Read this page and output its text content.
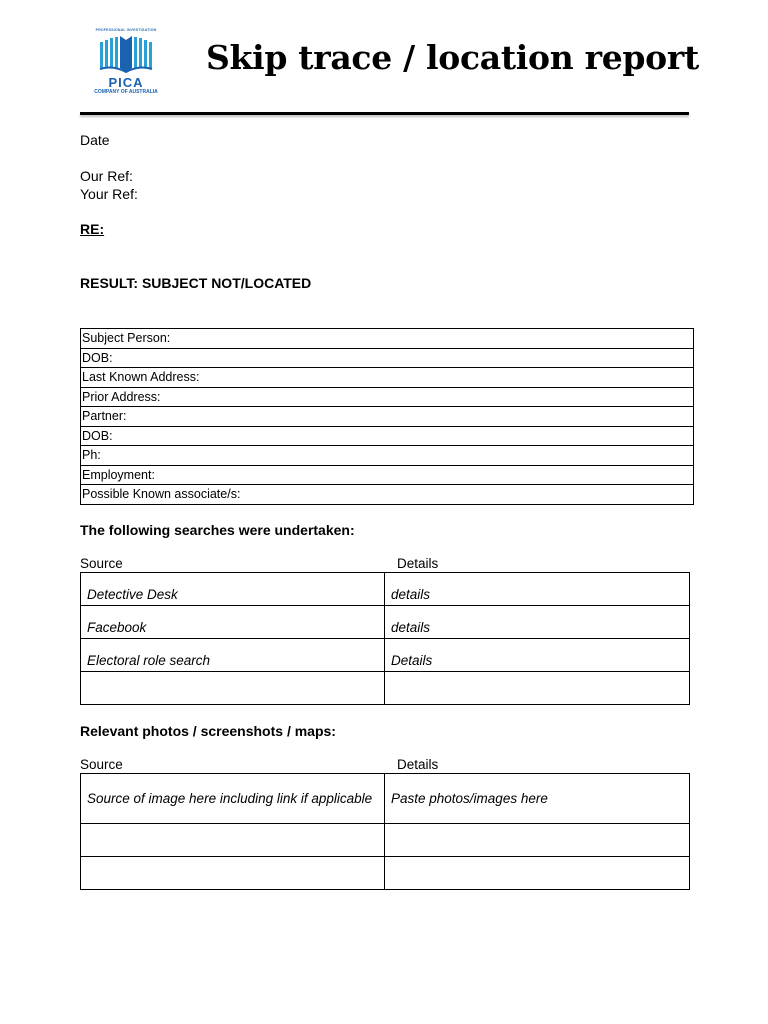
PROFESSIONAL INVESTIGATION
PICA
COMPANY OF AUSTRALIA
Skip trace / location report
Date
Our Ref:
Your Ref:
RE:
RESULT: SUBJECT NOT/LOCATED
Subject Person:
DOB:
Last Known Address:
Prior Address:
Partner:
DOB:
Ph:
Employment:
Possible Known associate/s:
The following searches were undertaken:
Source	Details
Detective Desk	details
Facebook	details
Electoral role search	Details

Relevant photos / screenshots / maps:
Source	Details
Source of image here including link if applicable	Paste photos/images here
